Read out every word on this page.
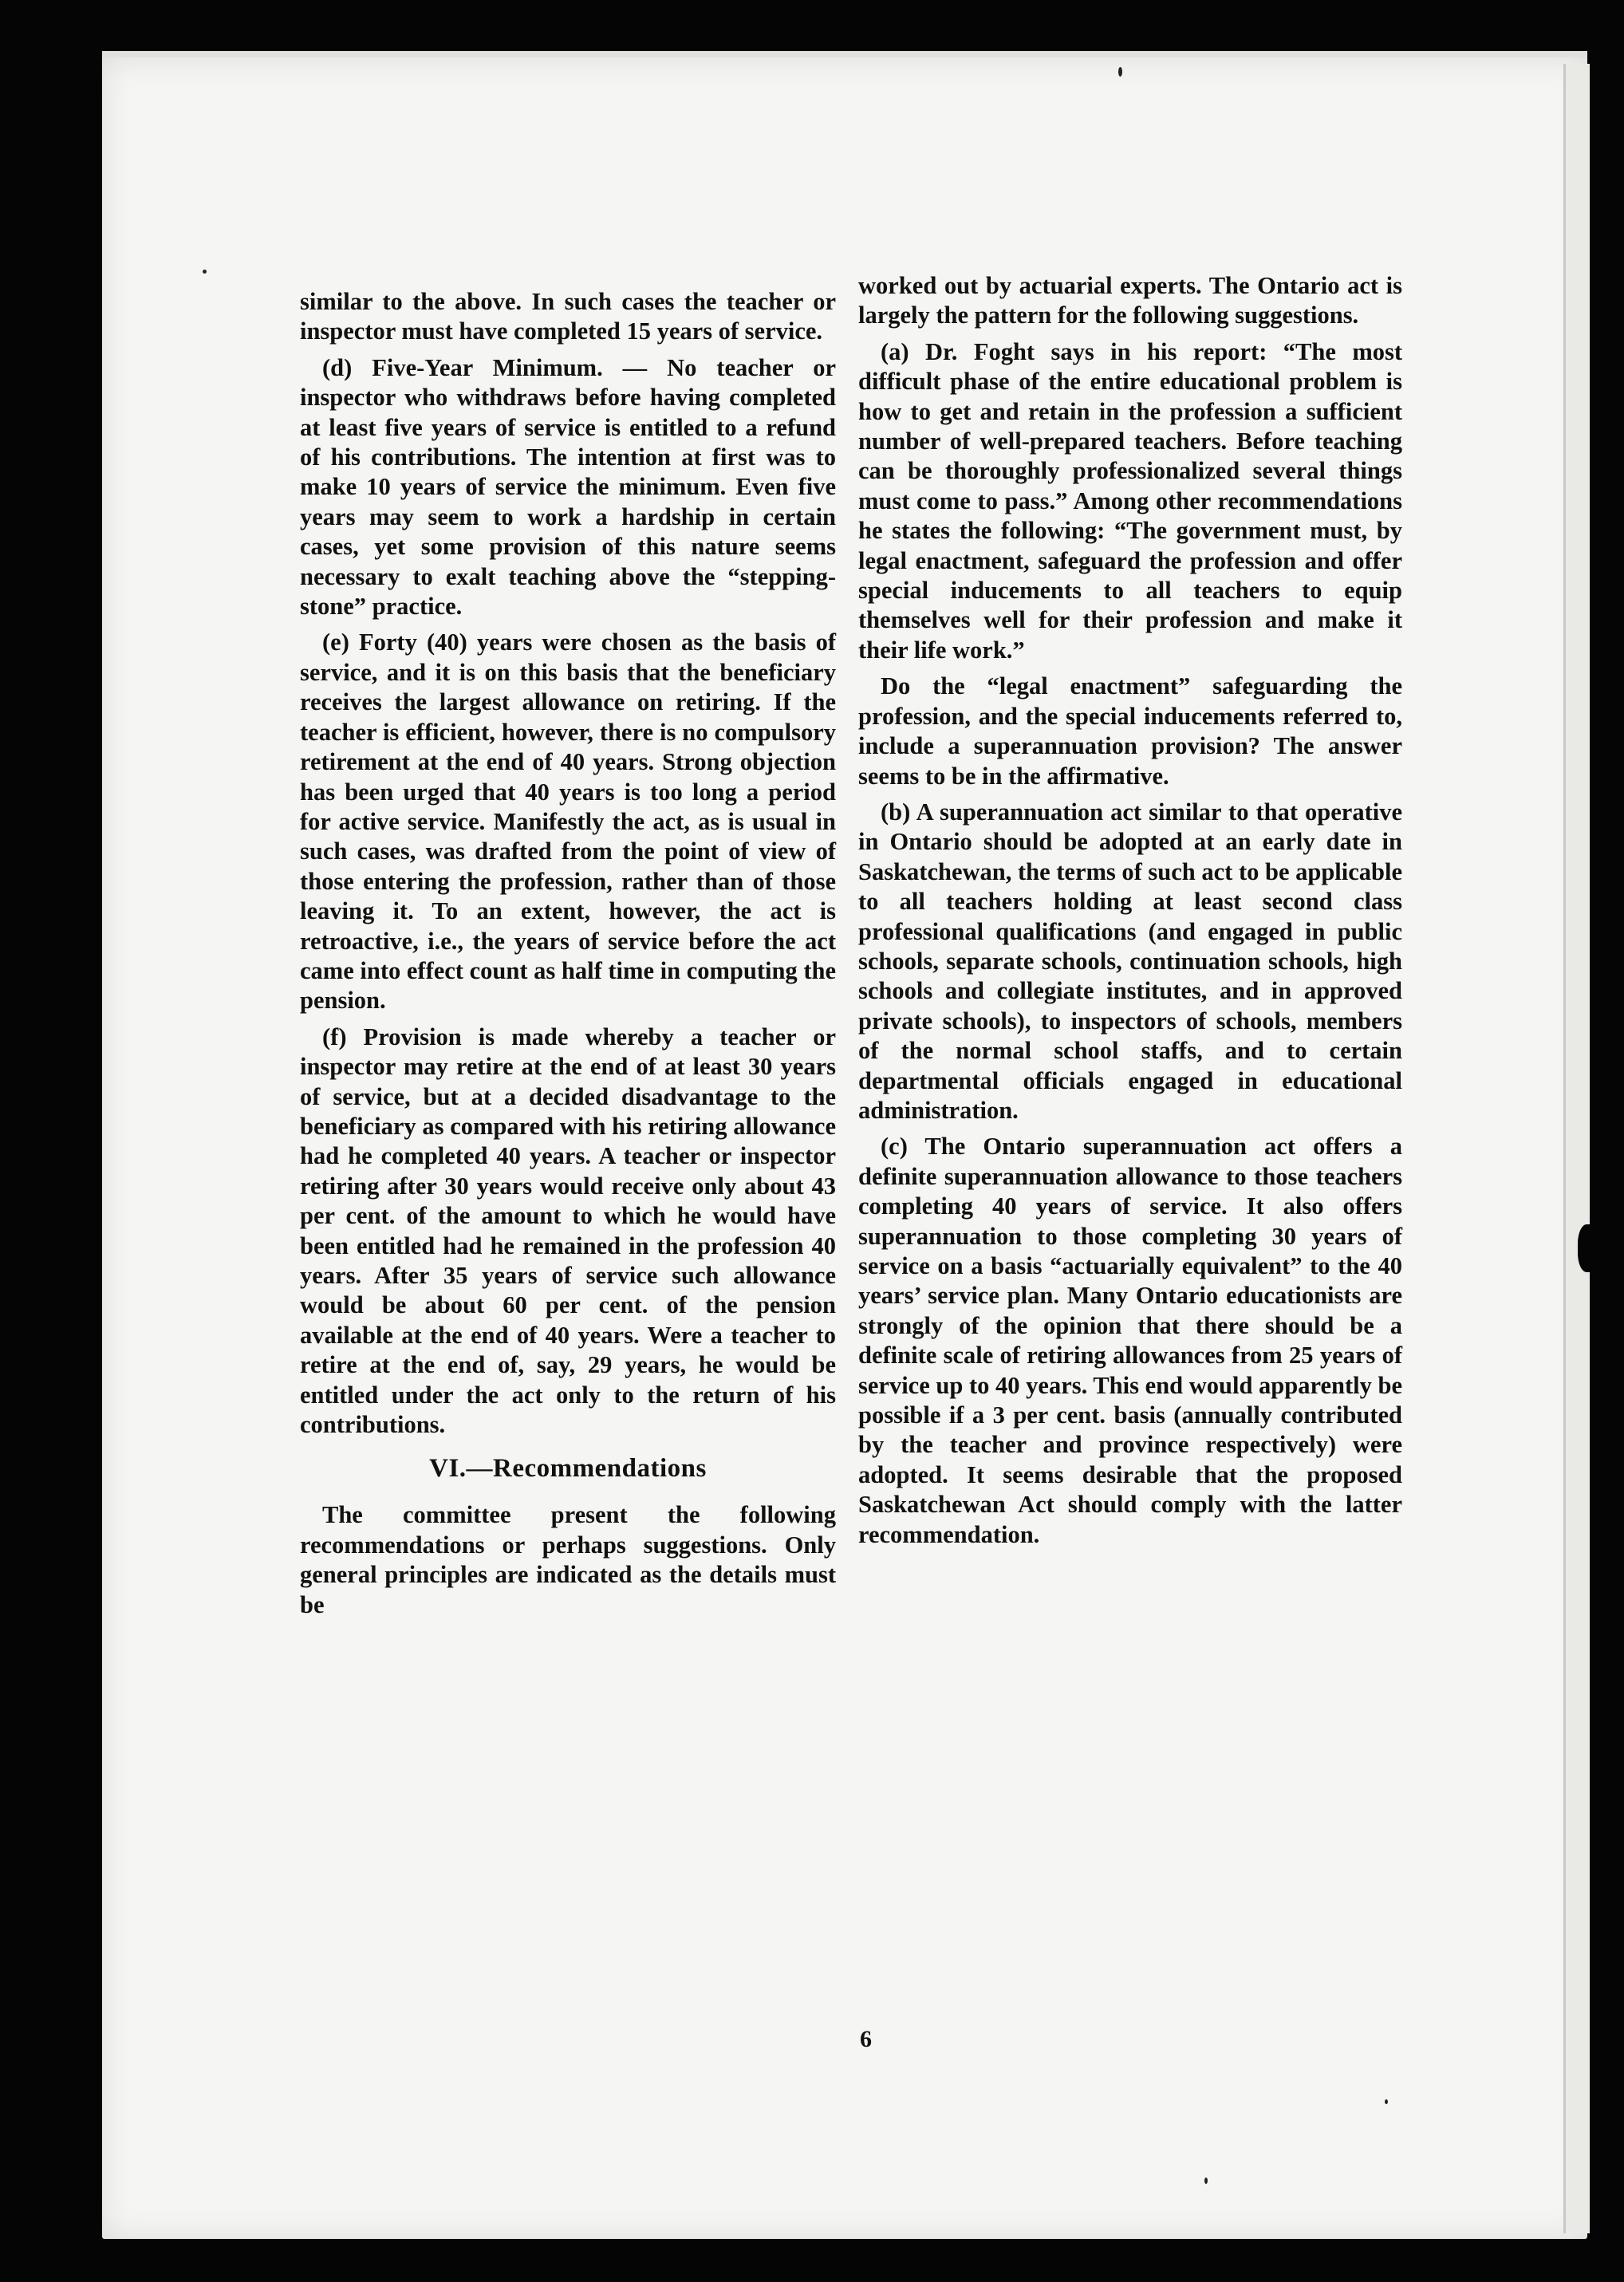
similar to the above. In such cases the teacher or inspector must have completed 15 years of service.

(d) Five-Year Minimum. — No teacher or inspector who withdraws before having completed at least five years of service is entitled to a refund of his contributions. The intention at first was to make 10 years of service the minimum. Even five years may seem to work a hardship in certain cases, yet some provision of this nature seems necessary to exalt teaching above the “stepping-stone” practice.

(e) Forty (40) years were chosen as the basis of service, and it is on this basis that the beneficiary receives the largest allowance on retiring. If the teacher is efficient, however, there is no compulsory retirement at the end of 40 years. Strong objection has been urged that 40 years is too long a period for active service. Manifestly the act, as is usual in such cases, was drafted from the point of view of those entering the profession, rather than of those leaving it. To an extent, however, the act is retroactive, i.e., the years of service before the act came into effect count as half time in computing the pension.

(f) Provision is made whereby a teacher or inspector may retire at the end of at least 30 years of service, but at a decided disadvantage to the beneficiary as compared with his retiring allowance had he completed 40 years. A teacher or inspector retiring after 30 years would receive only about 43 per cent. of the amount to which he would have been entitled had he remained in the profession 40 years. After 35 years of service such allowance would be about 60 per cent. of the pension available at the end of 40 years. Were a teacher to retire at the end of, say, 29 years, he would be entitled under the act only to the return of his contributions.

VI.—Recommendations

The committee present the following recommendations or perhaps suggestions. Only general principles are indicated as the details must be

worked out by actuarial experts. The Ontario act is largely the pattern for the following suggestions.

(a) Dr. Foght says in his report: “The most difficult phase of the entire educational problem is how to get and retain in the profession a sufficient number of well-prepared teachers. Before teaching can be thoroughly professionalized several things must come to pass.” Among other recommendations he states the following: “The government must, by legal enactment, safeguard the profession and offer special inducements to all teachers to equip themselves well for their profession and make it their life work.”

Do the “legal enactment” safeguarding the profession, and the special inducements referred to, include a superannuation provision? The answer seems to be in the affirmative.

(b) A superannuation act similar to that operative in Ontario should be adopted at an early date in Saskatchewan, the terms of such act to be applicable to all teachers holding at least second class professional qualifications (and engaged in public schools, separate schools, continuation schools, high schools and collegiate institutes, and in approved private schools), to inspectors of schools, members of the normal school staffs, and to certain departmental officials engaged in educational administration.

(c) The Ontario superannuation act offers a definite superannuation allowance to those teachers completing 40 years of service. It also offers superannuation to those completing 30 years of service on a basis “actuarially equivalent” to the 40 years’ service plan. Many Ontario educationists are strongly of the opinion that there should be a definite scale of retiring allowances from 25 years of service up to 40 years. This end would apparently be possible if a 3 per cent. basis (annually contributed by the teacher and province respectively) were adopted. It seems desirable that the proposed Saskatchewan Act should comply with the latter recommendation.

6
